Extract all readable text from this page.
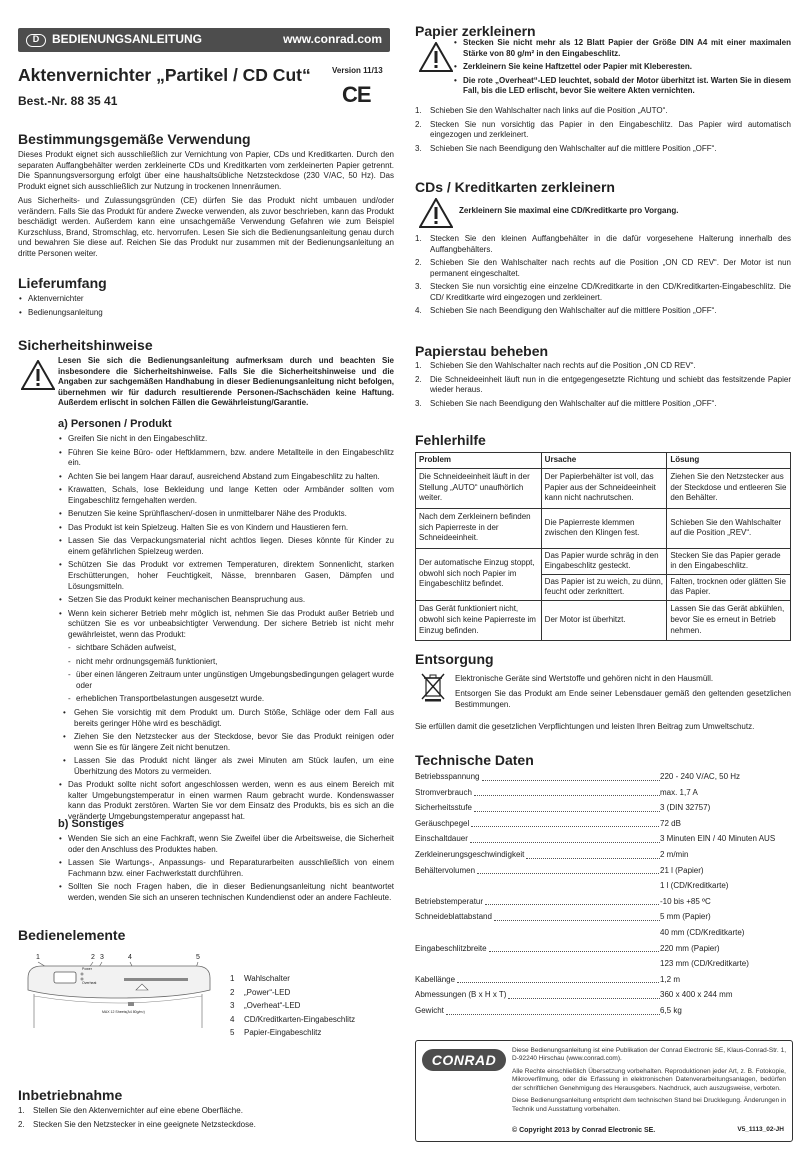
D	BEDIENUNGSANLEITUNG	www.conrad.com
Aktenvernichter „Partikel / CD Cut“	Version 11/13
CE
Best.-Nr. 88 35 41
Bestimmungsgemäße Verwendung

Dieses Produkt eignet sich ausschließlich zur Vernichtung von Papier, CDs und Kreditkarten. Durch den separaten Auffangbehälter werden zerkleinerte CDs und Kreditkarten vom zerkleinerten Papier getrennt. Die Spannungsversorgung erfolgt über eine haushaltsübliche Netzsteckdose (230 V/AC, 50 Hz). Das Produkt eignet sich ausschließlich zur Nutzung in trockenen Innenräumen.

Aus Sicherheits- und Zulassungsgründen (CE) dürfen Sie das Produkt nicht umbauen und/oder verändern. Falls Sie das Produkt für andere Zwecke verwenden, als zuvor beschrieben, kann das Produkt beschädigt werden. Außerdem kann eine unsachgemäße Verwendung Gefahren wie zum Beispiel Kurzschluss, Brand, Stromschlag, etc. hervorrufen. Lesen Sie sich die Bedienungsanleitung genau durch und bewahren Sie diese auf. Reichen Sie das Produkt nur zusammen mit der Bedienungsanleitung an dritte Personen weiter.

Lieferumfang
• Aktenvernichter
• Bedienungsanleitung
Sicherheitshinweise

Lesen Sie sich die Bedienungsanleitung aufmerksam durch und beachten Sie insbesondere die Sicherheitshinweise. Falls Sie die Sicherheitshinweise und die Angaben zur sachgemäßen Handhabung in dieser Bedienungsanleitung nicht befolgen, übernehmen wir für dadurch resultierende Personen-/Sachschäden keine Haftung. Außerdem erlischt in solchen Fällen die Gewährleistung/Garantie.

a) Personen / Produkt
• Greifen Sie nicht in den Eingabeschlitz.
• Führen Sie keine Büro- oder Heftklammern, bzw. andere Metallteile in den Eingabeschlitz ein.
• Achten Sie bei langem Haar darauf, ausreichend Abstand zum Eingabeschlitz zu halten.
• Krawatten, Schals, lose Bekleidung und lange Ketten oder Armbänder sollten vom Eingabeschlitz ferngehalten werden.
• Benutzen Sie keine Sprühflaschen/-dosen in unmittelbarer Nähe des Produkts.
• Das Produkt ist kein Spielzeug. Halten Sie es von Kindern und Haustieren fern.
• Lassen Sie das Verpackungsmaterial nicht achtlos liegen. Dieses könnte für Kinder zu einem gefährlichen Spielzeug werden.
• Schützen Sie das Produkt vor extremen Temperaturen, direktem Sonnenlicht, starken Erschütterungen, hoher Feuchtigkeit, Nässe, brennbaren Gasen, Dämpfen und Lösungsmitteln.
• Setzen Sie das Produkt keiner mechanischen Beanspruchung aus.
• Wenn kein sicherer Betrieb mehr möglich ist, nehmen Sie das Produkt außer Betrieb und schützen Sie es vor unbeabsichtigter Verwendung. Der sichere Betrieb ist nicht mehr gewährleistet, wenn das Produkt:
- sichtbare Schäden aufweist,
- nicht mehr ordnungsgemäß funktioniert,
- über einen längeren Zeitraum unter ungünstigen Umgebungsbedingungen gelagert wurde oder
- erheblichen Transportbelastungen ausgesetzt wurde.
• Gehen Sie vorsichtig mit dem Produkt um. Durch Stöße, Schläge oder dem Fall aus bereits geringer Höhe wird es beschädigt.
• Ziehen Sie den Netzstecker aus der Steckdose, bevor Sie das Produkt reinigen oder wenn Sie es für längere Zeit nicht benutzen.
• Lassen Sie das Produkt nicht länger als zwei Minuten am Stück laufen, um eine Überhitzung des Motors zu vermeiden.
• Das Produkt sollte nicht sofort angeschlossen werden, wenn es aus einem Bereich mit kalter Umgebungstemperatur in einen warmen Raum gebracht wurde. Kondenswasser kann das Produkt zerstören. Warten Sie vor dem Einsatz des Produkts, bis es sich an die veränderte Umgebungstemperatur angepasst hat.
b) Sonstiges
• Wenden Sie sich an eine Fachkraft, wenn Sie Zweifel über die Arbeitsweise, die Sicherheit oder den Anschluss des Produktes haben.
• Lassen Sie Wartungs-, Anpassungs- und Reparaturarbeiten ausschließlich von einem Fachmann bzw. einer Fachwerkstatt durchführen.
• Sollten Sie noch Fragen haben, die in dieser Bedienungsanleitung nicht beantwortet werden, wenden Sie sich an unseren technischen Kundendienst oder an andere Fachleute.
Bedienelemente
1	2 3	4	5
Power
Overheat
MAX 12 Sheets(A4 80g/m²)
1 Wahlschalter
2 „Power“-LED
3 „Overheat“-LED
4 CD/Kreditkarten-Eingabeschlitz
5 Papier-Eingabeschlitz
Inbetriebnahme
1. Stellen Sie den Aktenvernichter auf eine ebene Oberfläche.
2. Stecken Sie den Netzstecker in eine geeignete Netzsteckdose.
Papier zerkleinern
• Stecken Sie nicht mehr als 12 Blatt Papier der Größe DIN A4 mit einer maximalen Stärke von 80 g/m² in den Eingabeschlitz.
• Zerkleinern Sie keine Haftzettel oder Papier mit Kleberesten.
• Die rote „Overheat“-LED leuchtet, sobald der Motor überhitzt ist. Warten Sie in diesem Fall, bis die LED erlischt, bevor Sie weitere Akten vernichten.
1. Schieben Sie den Wahlschalter nach links auf die Position „AUTO“.
2. Stecken Sie nun vorsichtig das Papier in den Eingabeschlitz. Das Papier wird automatisch eingezogen und zerkleinert.
3. Schieben Sie nach Beendigung den Wahlschalter auf die mittlere Position „OFF“.
CDs / Kreditkarten zerkleinern

Zerkleinern Sie maximal eine CD/Kreditkarte pro Vorgang.

1. Stecken Sie den kleinen Auffangbehälter in die dafür vorgesehene Halterung innerhalb des Auffangbehälters.
2. Schieben Sie den Wahlschalter nach rechts auf die Position „ON CD REV“. Der Motor ist nun permanent eingeschaltet.
3. Stecken Sie nun vorsichtig eine einzelne CD/Kreditkarte in den CD/Kreditkarten-Eingabeschlitz. Die CD/ Kreditkarte wird eingezogen und zerkleinert.
4. Schieben Sie nach Beendigung den Wahlschalter auf die mittlere Position „OFF“.
Papierstau beheben
1. Schieben Sie den Wahlschalter nach rechts auf die Position „ON CD REV“.
2. Die Schneideeinheit läuft nun in die entgegengesetzte Richtung und schiebt das festsitzende Papier wieder heraus.
3. Schieben Sie nach Beendigung den Wahlschalter auf die mittlere Position „OFF“.
Fehlerhilfe
Problem	Ursache	Lösung
Die Schneideeinheit läuft in der Stellung „AUTO“ unaufhörlich weiter.	Der Papierbehälter ist voll, das Papier aus der Schneideeinheit kann nicht nachrutschen.	Ziehen Sie den Netzstecker aus der Steckdose und entleeren Sie den Behälter.
Nach dem Zerkleinern befinden sich Papierreste in der Schneideeinheit.	Die Papierreste klemmen zwischen den Klingen fest.	Schieben Sie den Wahlschalter auf die Position „REV“.
Der automatische Einzug stoppt, obwohl sich noch Papier im Eingabeschlitz befindet.	Das Papier wurde schräg in den Eingabeschlitz gesteckt.	Stecken Sie das Papier gerade in den Eingabeschlitz.
	Das Papier ist zu weich, zu dünn, feucht oder zerknittert.	Falten, trocknen oder glätten Sie das Papier.
Das Gerät funktioniert nicht, obwohl sich keine Papierreste im Einzug befinden.	Der Motor ist überhitzt.	Lassen Sie das Gerät abkühlen, bevor Sie es erneut in Betrieb nehmen.
Entsorgung

Elektronische Geräte sind Wertstoffe und gehören nicht in den Hausmüll.

Entsorgen Sie das Produkt am Ende seiner Lebensdauer gemäß den geltenden gesetzlichen Bestimmungen.

Sie erfüllen damit die gesetzlichen Verpflichtungen und leisten Ihren Beitrag zum Umweltschutz.

Technische Daten
Betriebsspannung	220 - 240 V/AC, 50 Hz
Stromverbrauch	max. 1,7 A
Sicherheitsstufe	3 (DIN 32757)
Geräuschpegel	72 dB
Einschaltdauer	3 Minuten EIN / 40 Minuten AUS
Zerkleinerungsgeschwindigkeit	2 m/min
Behältervolumen	21 l (Papier)
1 l (CD/Kreditkarte)
Betriebstemperatur	-10 bis +85 ºC
Schneideblattabstand	5 mm (Papier)
40 mm (CD/Kreditkarte)
Eingabeschlitzbreite	220 mm (Papier)
123 mm (CD/Kreditkarte)
Kabellänge	1,2 m
Abmessungen (B x H x T)	360 x 400 x 244 mm
Gewicht	6,5 kg
CONRAD

Diese Bedienungsanleitung ist eine Publikation der Conrad Electronic SE, Klaus-Conrad-Str. 1, D-92240 Hirschau (www.conrad.com).

Alle Rechte einschließlich Übersetzung vorbehalten. Reproduktionen jeder Art, z. B. Fotokopie, Mikroverfilmung, oder die Erfassung in elektronischen Datenverarbeitungsanlagen, bedürfen der schriftlichen Genehmigung des Herausgebers. Nachdruck, auch auszugsweise, verboten.

Diese Bedienungsanleitung entspricht dem technischen Stand bei Drucklegung. Änderungen in Technik und Ausstattung vorbehalten.

© Copyright 2013 by Conrad Electronic SE.	V5_1113_02-JH
